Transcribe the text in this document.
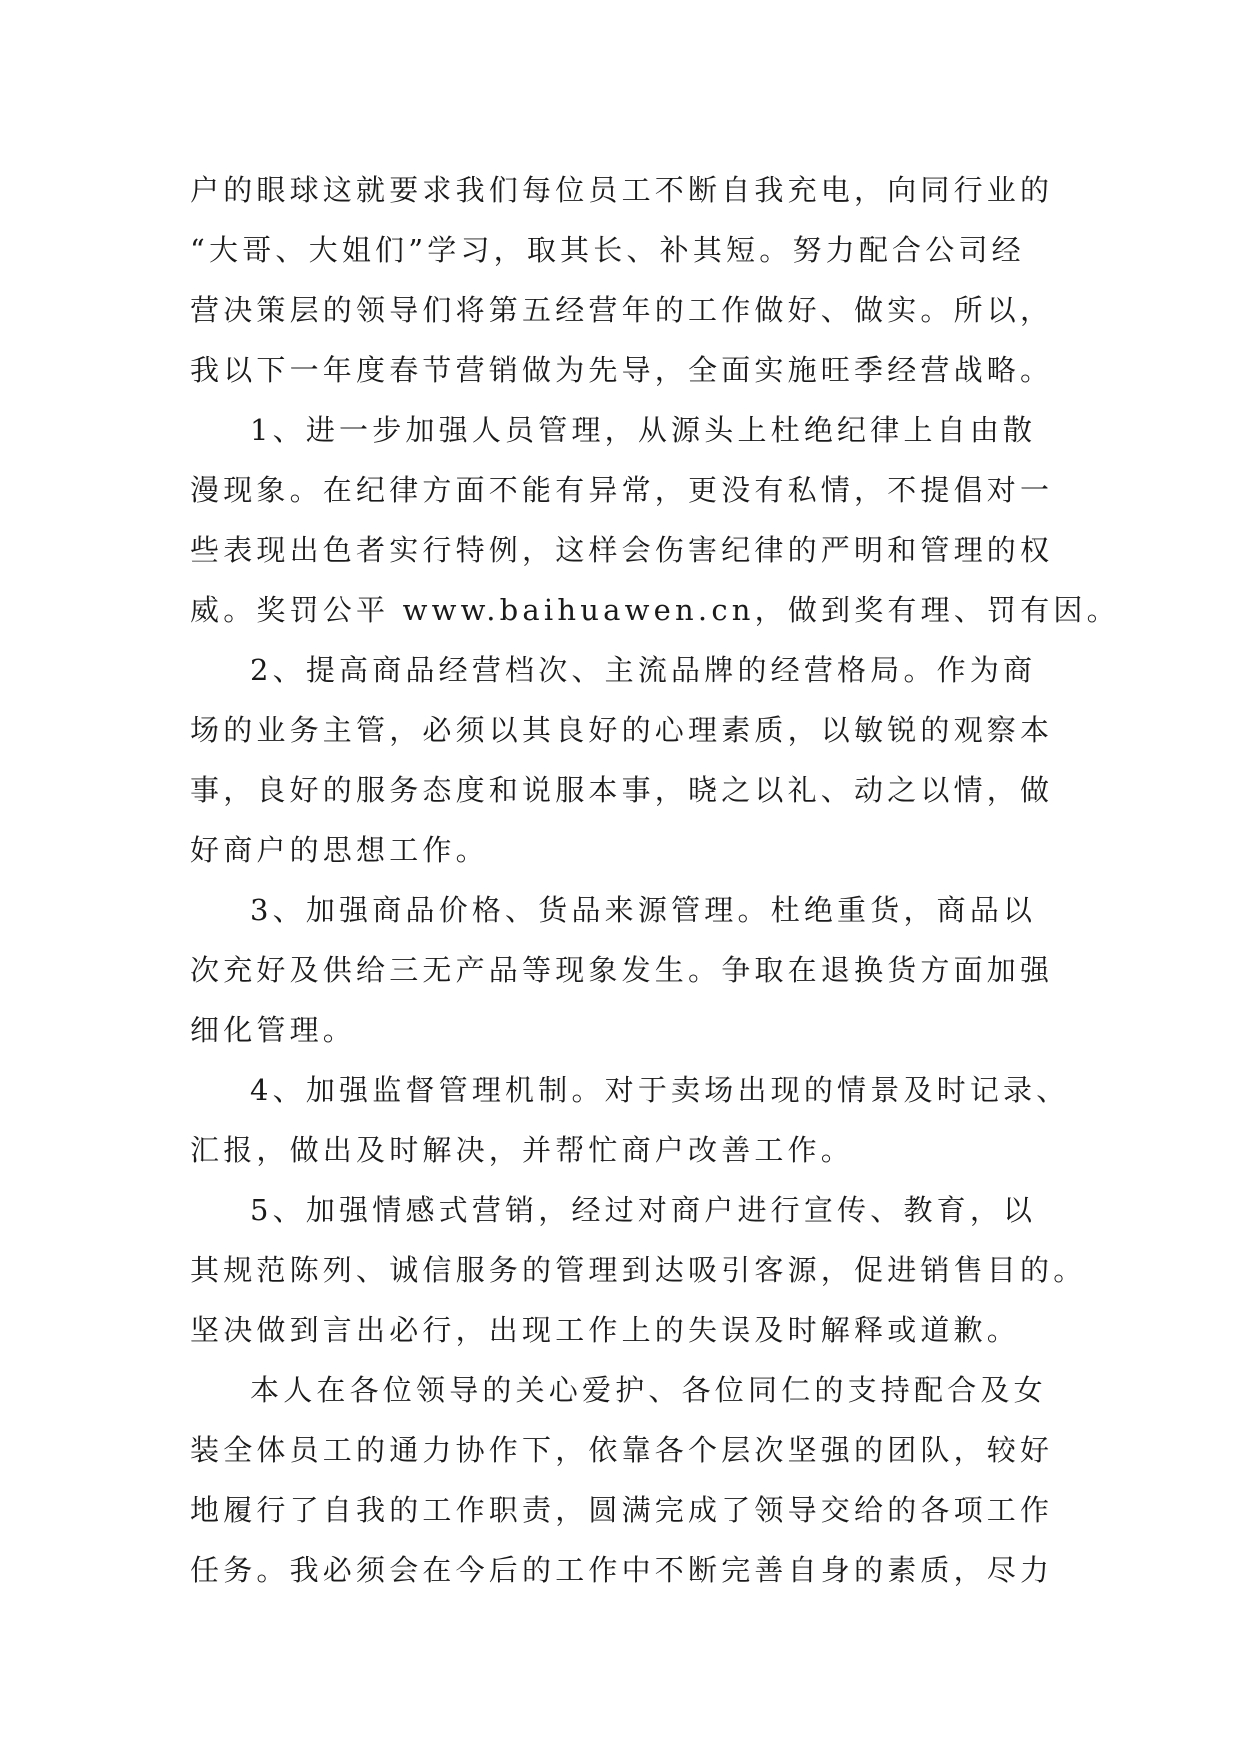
户的眼球这就要求我们每位员工不断自我充电，向同行业的
“大哥、大姐们”学习，取其长、补其短。努力配合公司经
营决策层的领导们将第五经营年的工作做好、做实。所以，
我以下一年度春节营销做为先导，全面实施旺季经营战略。
1、进一步加强人员管理，从源头上杜绝纪律上自由散
漫现象。在纪律方面不能有异常，更没有私情，不提倡对一
些表现出色者实行特例，这样会伤害纪律的严明和管理的权
威。奖罚公平 www.baihuawen.cn，做到奖有理、罚有因。
2、提高商品经营档次、主流品牌的经营格局。作为商
场的业务主管，必须以其良好的心理素质，以敏锐的观察本
事，良好的服务态度和说服本事，晓之以礼、动之以情，做
好商户的思想工作。
3、加强商品价格、货品来源管理。杜绝重货，商品以
次充好及供给三无产品等现象发生。争取在退换货方面加强
细化管理。
4、加强监督管理机制。对于卖场出现的情景及时记录、
汇报，做出及时解决，并帮忙商户改善工作。
5、加强情感式营销，经过对商户进行宣传、教育，以
其规范陈列、诚信服务的管理到达吸引客源，促进销售目的。
坚决做到言出必行，出现工作上的失误及时解释或道歉。
本人在各位领导的关心爱护、各位同仁的支持配合及女
装全体员工的通力协作下，依靠各个层次坚强的团队，较好
地履行了自我的工作职责，圆满完成了领导交给的各项工作
任务。我必须会在今后的工作中不断完善自身的素质，尽力
